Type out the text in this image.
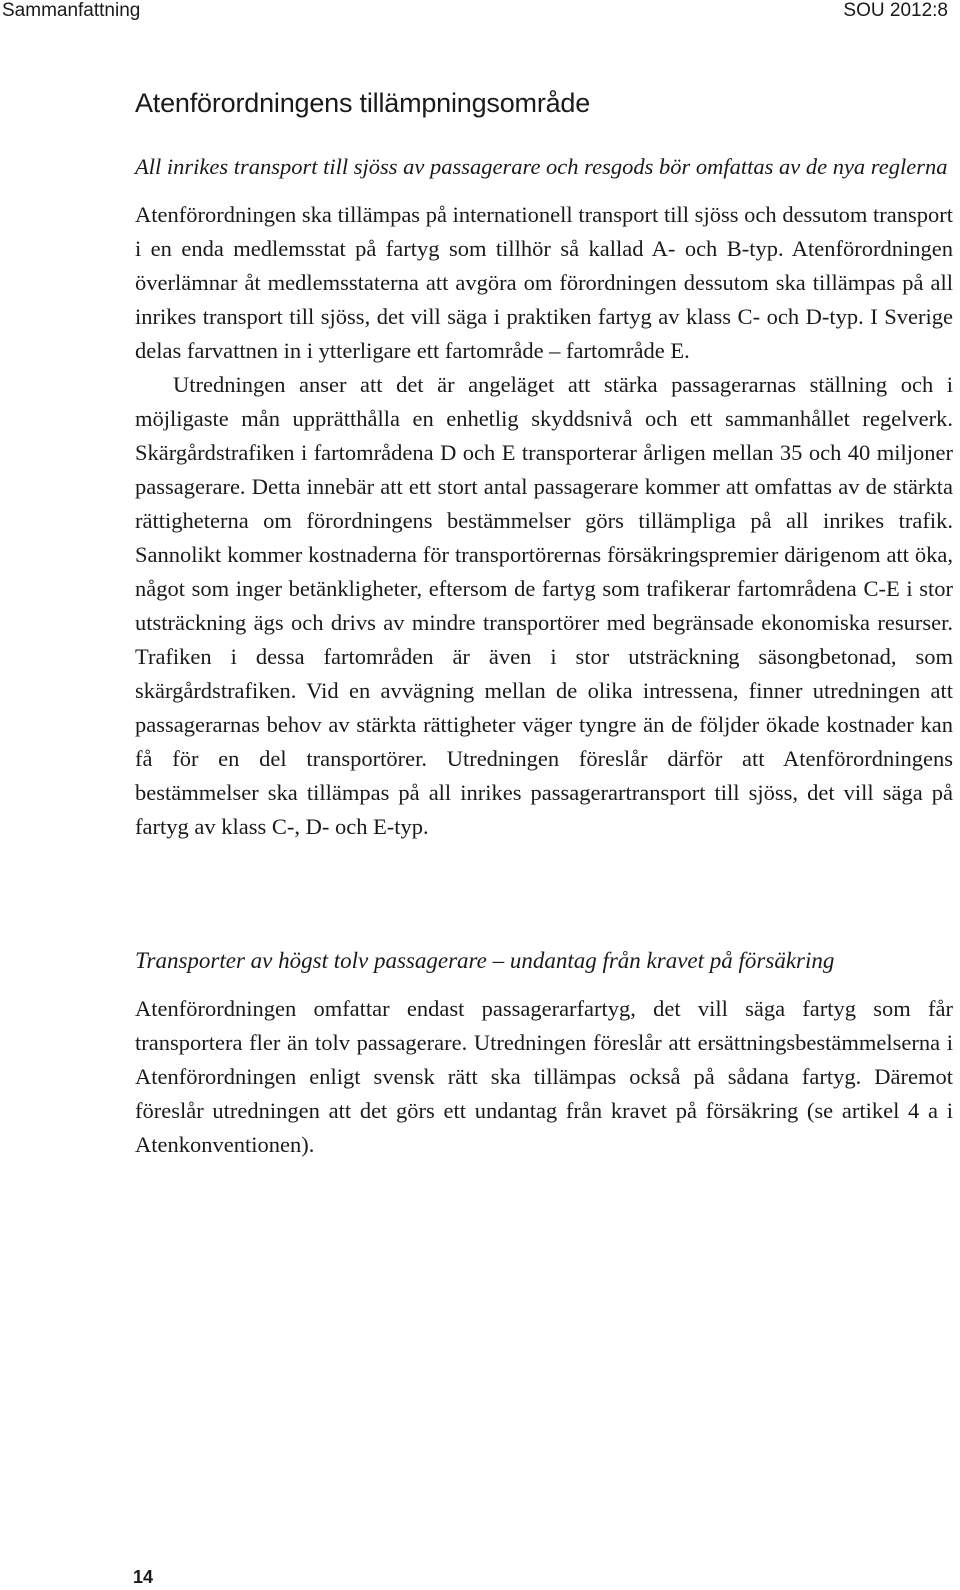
Sammanfattning	SOU 2012:8
Atenförordningens tillämpningsområde
All inrikes transport till sjöss av passagerare och resgods bör omfattas av de nya reglerna

Atenförordningen ska tillämpas på internationell transport till sjöss och dessutom transport i en enda medlemsstat på fartyg som tillhör så kallad A- och B-typ. Atenförordningen överlämnar åt medlemsstaterna att avgöra om förordningen dessutom ska tillämpas på all inrikes transport till sjöss, det vill säga i praktiken fartyg av klass C- och D-typ. I Sverige delas farvattnen in i ytterligare ett fartområde – fartområde E.

Utredningen anser att det är angeläget att stärka passagerarnas ställning och i möjligaste mån upprätthålla en enhetlig skyddsnivå och ett sammanhållet regelverk. Skärgårdstrafiken i fartområdena D och E transporterar årligen mellan 35 och 40 miljoner passagerare. Detta innebär att ett stort antal passagerare kommer att omfattas av de stärkta rättigheterna om förordningens bestämmelser görs tillämpliga på all inrikes trafik. Sannolikt kommer kostnaderna för transportörernas försäkringspremier därigenom att öka, något som inger betänkligheter, eftersom de fartyg som trafikerar fartområdena C-E i stor utsträckning ägs och drivs av mindre transportörer med begränsade ekonomiska resurser. Trafiken i dessa fartområden är även i stor utsträckning säsongbetonad, som skärgårdstrafiken. Vid en avvägning mellan de olika intressena, finner utredningen att passagerarnas behov av stärkta rättigheter väger tyngre än de följder ökade kostnader kan få för en del transportörer. Utredningen föreslår därför att Atenförordningens bestämmelser ska tillämpas på all inrikes passagerartransport till sjöss, det vill säga på fartyg av klass C-, D- och E-typ.

Transporter av högst tolv passagerare – undantag från kravet på försäkring

Atenförordningen omfattar endast passagerarfartyg, det vill säga fartyg som får transportera fler än tolv passagerare. Utredningen föreslår att ersättningsbestämmelserna i Atenförordningen enligt svensk rätt ska tillämpas också på sådana fartyg. Däremot föreslår utredningen att det görs ett undantag från kravet på försäkring (se artikel 4 a i Atenkonventionen).

14
